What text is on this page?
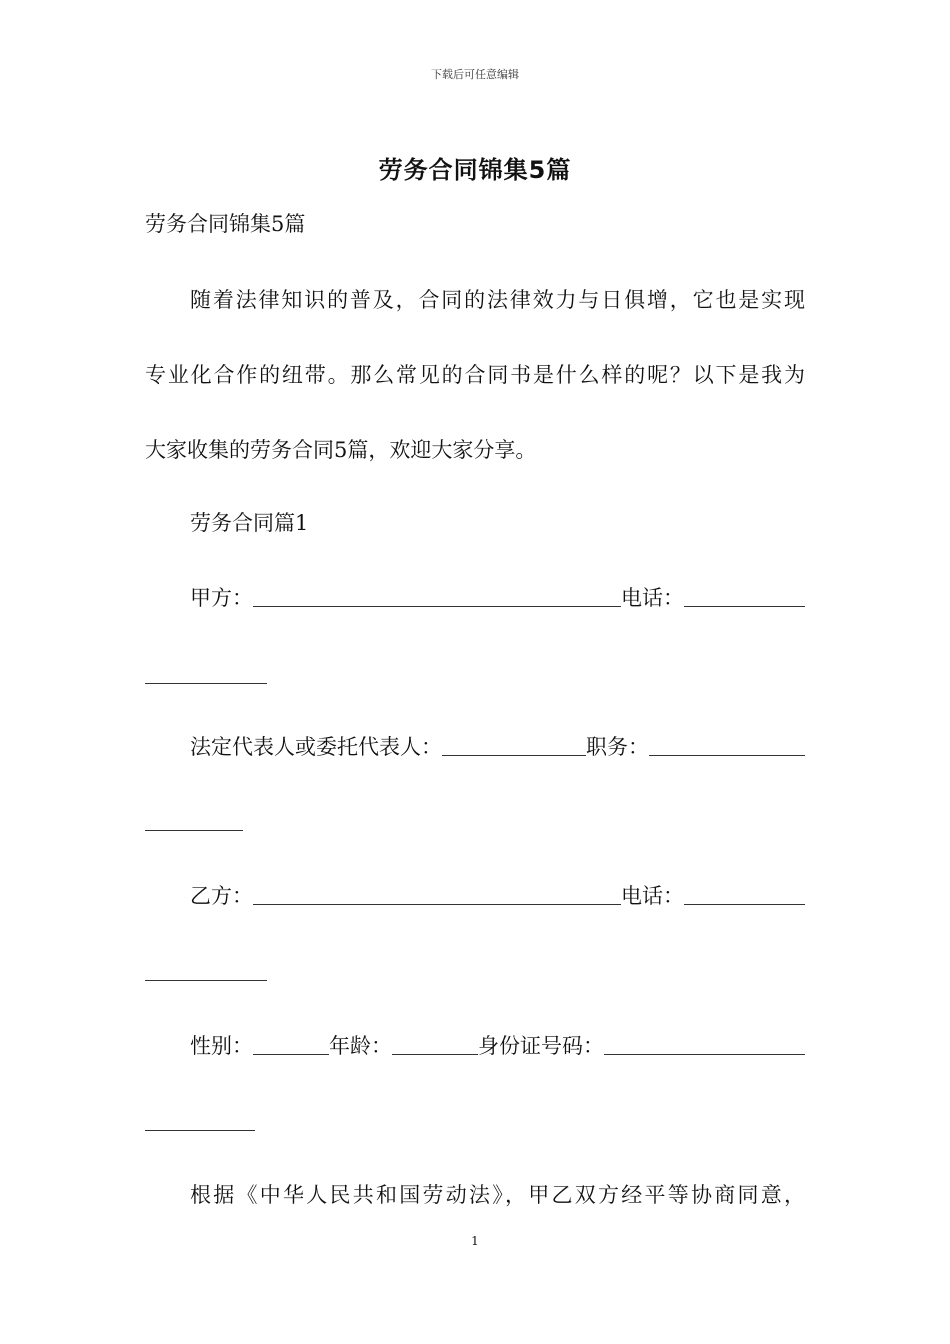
下载后可任意编辑
劳务合同锦集5篇
劳务合同锦集5篇
随着法律知识的普及，合同的法律效力与日俱增，它也是实现
专业化合作的纽带。那么常见的合同书是什么样的呢？以下是我为
大家收集的劳务合同5篇，欢迎大家分享。
劳务合同篇1
甲方：	电话：
法定代表人或委托代表人：	职务：
乙方：	电话：
性别：	年龄：	身份证号码：
根据《中华人民共和国劳动法》，甲乙双方经平等协商同意，
1
